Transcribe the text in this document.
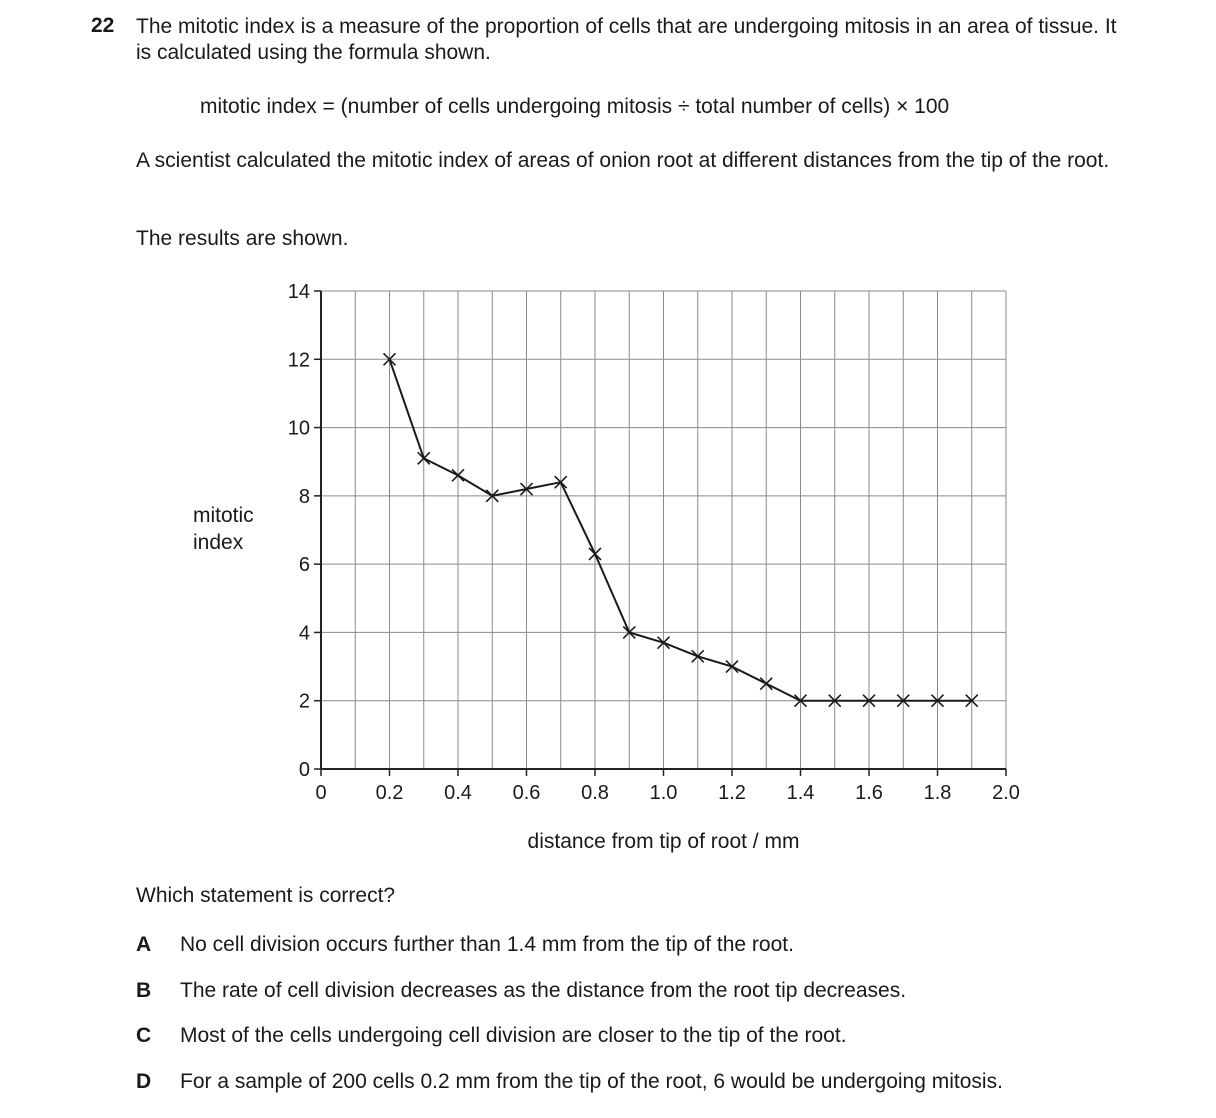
22 The mitotic index is a measure of the proportion of cells that are undergoing mitosis in an area of tissue. It is calculated using the formula shown.
mitotic index = (number of cells undergoing mitosis ÷ total number of cells) × 100
A scientist calculated the mitotic index of areas of onion root at different distances from the tip of the root.
The results are shown.
mitotic
index
0
2
4
6
8
10
12
14
0 0.2 0.4 0.6 0.8 1.0 1.2 1.4 1.6 1.8 2.0
distance from tip of root / mm
Which statement is correct?
A No cell division occurs further than 1.4 mm from the tip of the root.
B The rate of cell division decreases as the distance from the root tip decreases.
C Most of the cells undergoing cell division are closer to the tip of the root.
D For a sample of 200 cells 0.2 mm from the tip of the root, 6 would be undergoing mitosis.
